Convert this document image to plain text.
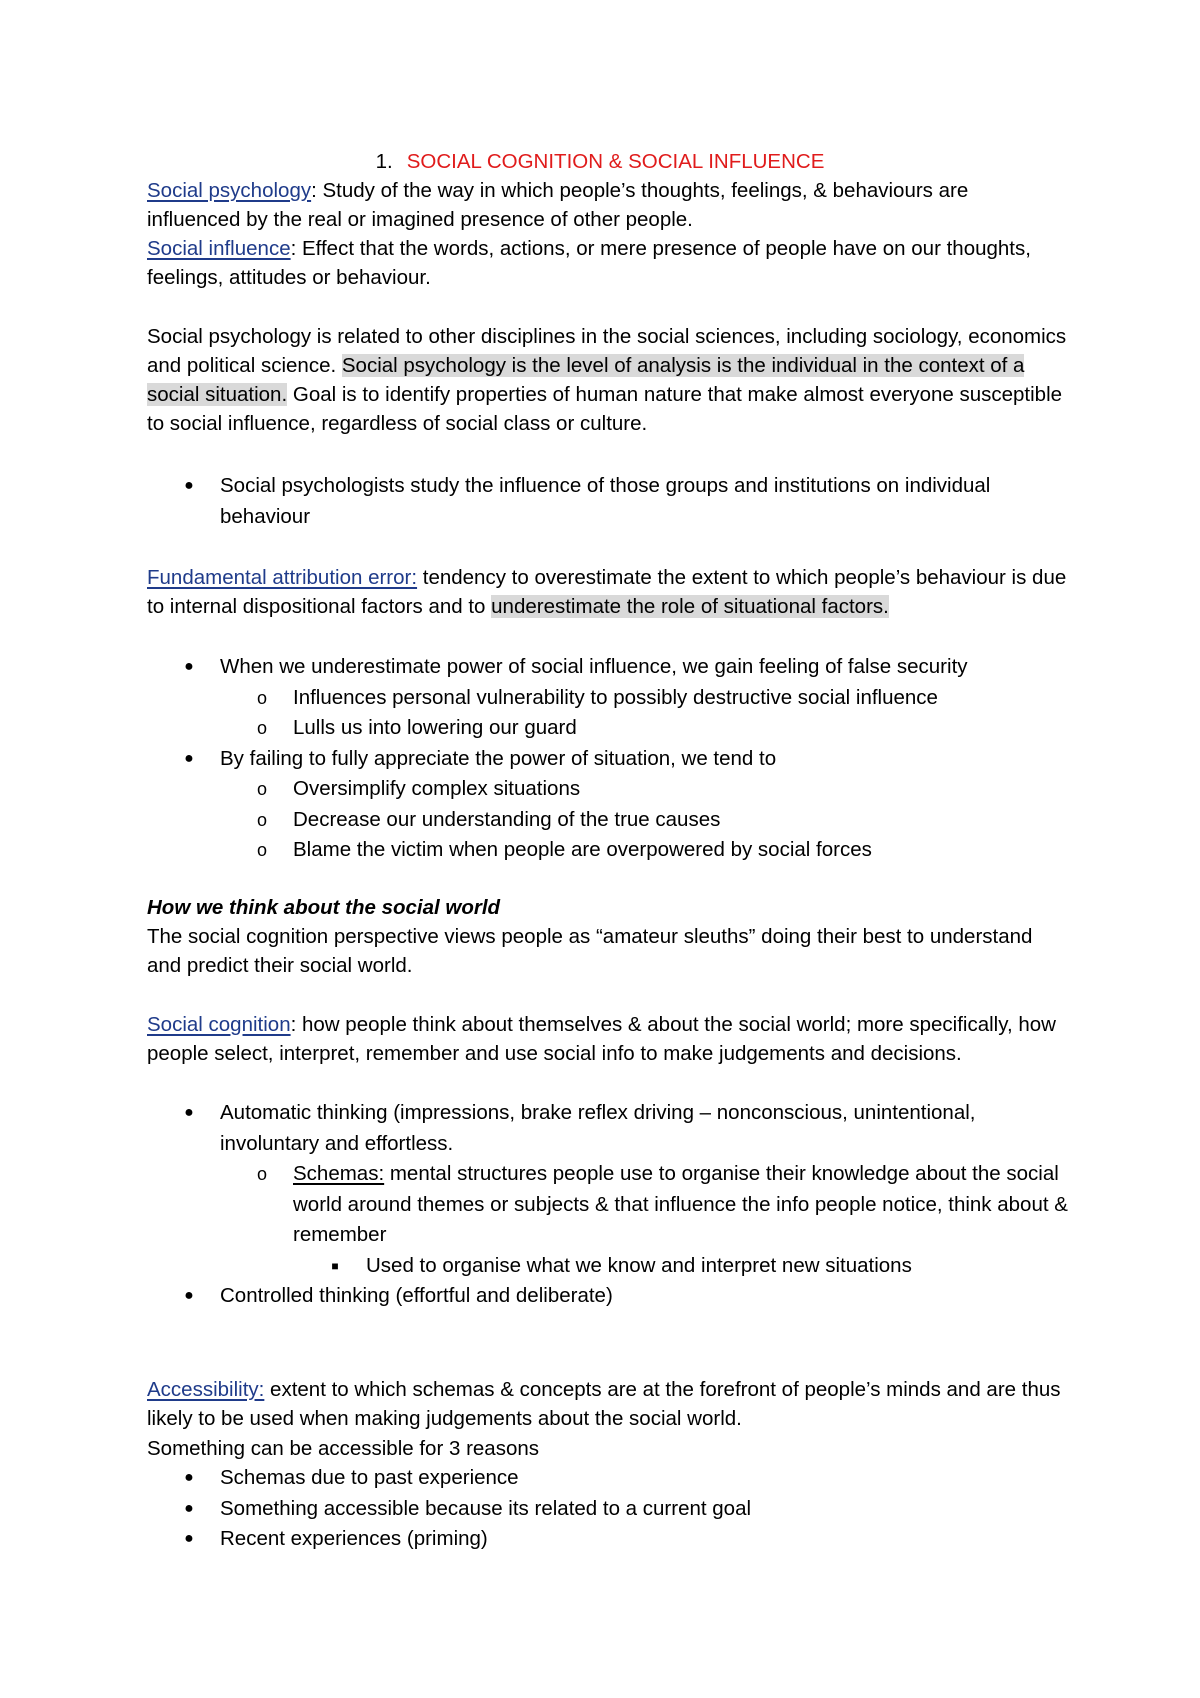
1. SOCIAL COGNITION & SOCIAL INFLUENCE

Social psychology: Study of the way in which people’s thoughts, feelings, & behaviours are influenced by the real or imagined presence of other people.

Social influence: Effect that the words, actions, or mere presence of people have on our thoughts, feelings, attitudes or behaviour.

Social psychology is related to other disciplines in the social sciences, including sociology, economics and political science. Social psychology is the level of analysis is the individual in the context of a social situation. Goal is to identify properties of human nature that make almost everyone susceptible to social influence, regardless of social class or culture.

●	Social psychologists study the influence of those groups and institutions on individual behaviour

Fundamental attribution error: tendency to overestimate the extent to which people’s behaviour is due to internal dispositional factors and to underestimate the role of situational factors.

●	When we underestimate power of social influence, we gain feeling of false security
o	Influences personal vulnerability to possibly destructive social influence
o	Lulls us into lowering our guard
●	By failing to fully appreciate the power of situation, we tend to
o	Oversimplify complex situations
o	Decrease our understanding of the true causes
o	Blame the victim when people are overpowered by social forces

How we think about the social world

The social cognition perspective views people as “amateur sleuths” doing their best to understand and predict their social world.

Social cognition: how people think about themselves & about the social world; more specifically, how people select, interpret, remember and use social info to make judgements and decisions.

●	Automatic thinking (impressions, brake reflex driving – nonconscious, unintentional, involuntary and effortless.
o	Schemas: mental structures people use to organise their knowledge about the social world around themes or subjects & that influence the info people notice, think about & remember
■	Used to organise what we know and interpret new situations
●	Controlled thinking (effortful and deliberate)

Accessibility: extent to which schemas & concepts are at the forefront of people’s minds and are thus likely to be used when making judgements about the social world.

Something can be accessible for 3 reasons

●	Schemas due to past experience
●	Something accessible because its related to a current goal
●	Recent experiences (priming)
